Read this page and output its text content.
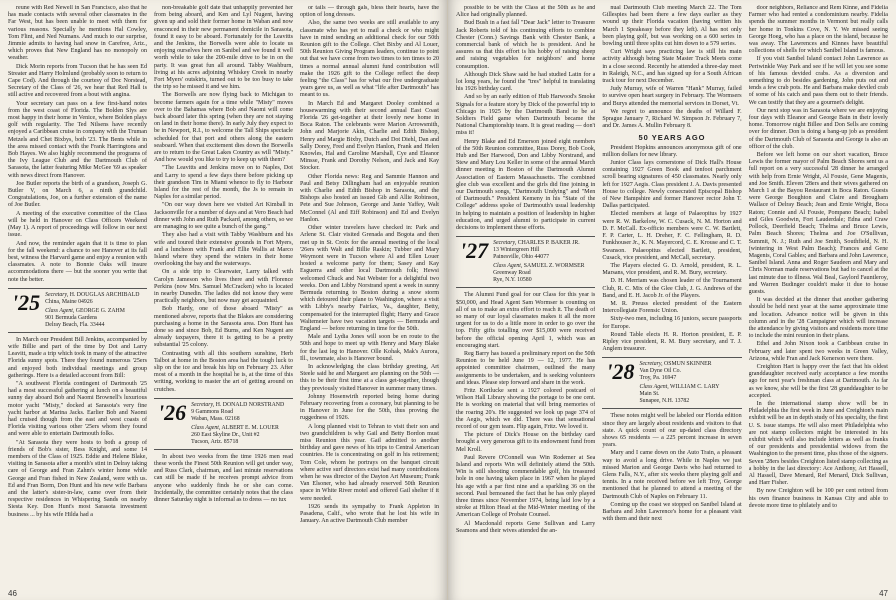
reune with Red Newell in San Francisco, also that he has made contacts with several other classmates in the Far West, but has been unable to meet with them for various reasons. Specially he mentions Hal Cowley, Tom Flint, and Ned Numans. And much to our surprise, Jimmie admits to having had snow in Carefree, Ariz., which proves that New England has no monopoly on weather.

Dick Morin reports from Tucson that he has seen Ed Streater and Harry Holmlund (probably soon to return to Cape Cod). And through the courtesy of Doc Norstead, Secretary of the Class of '26, we hear that Red Hall is still active and recovered from a bout with angina.

Your secretary can pass on a few first-hand notes from the west coast of Florida. The Bolden Slys are most happy in their home in Venice, where Bolden plays golf with regularity. The Ted Nilsens have recently enjoyed a Caribbean cruise in company with the Truman Metzels and Chet Bixbys, both '23. The Bents while in the area missed contact with the Frank Harringtons and Bob Hayes. We also highly recommend the programs of the Ivy League Club and the Dartmouth Club of Sarasota, the latter featuring Mike McGee '69 as speaker with news direct from Hanover.

Joe Butler reports the birth of a grandson, Joseph G. Butler V, on March 6, a ninth grandchild. Congratulations, Joe, on a further extension of the name of Joe Butler.

A meeting of the executive committee of the Class will be held in Hanover on Class Officers Weekend (May 1). A report of proceedings will follow in our next issue.

And now, the reminder again that it is time to plan for the fall weekend: a chance to see Hanover at its fall best, witness the Harvard game and enjoy a reunion with classmates. A note to Bonnie Oaks will insure accommodations there — but the sooner you write that note the better.

'25 Secretary, H. DOUGLAS ARCHIBALD
China, Maine 04926
Class Agent, GEORGE G. ZAHM
901 Bermuda Gardens
Delray Beach, Fla. 33444

In March our President Bill Jenkins, accompanied by wife Billie and part of the time by Dot and Larry Leavitt, made a trip which took in many of the attractive Florida sunny spots. There they found numerous '25ers and enjoyed both individual meetings and group gatherings. Here is a detailed account from Bill:

"A southwest Florida contingent of Dartmouth '25 had a most successful gathering at lunch on a beautiful sunny day aboard Bob and Naomi Brownell's luxurious motor yacht "Misty," docked at Sarasota's very fine yacht harbor at Marina Jacks. Earlier Bob and Naomi had cruised though from the east and west coasts of Florida visiting various other '25ers whom they found and were able to entertain Dartmouth folks.

"At Sarasota they were hosts to both a group of friends of Bob's sister, Bess Knight, and some 14 members of the Class of 1925. Eddie and Helene Blake, visiting in Sarasota after a month's stint in Delray taking care of George and Fran Zahm's winter home while George and Fran fished in New Zealand, were with us. Ed and Fran Borm, Don Hunt and his new wife Barbara and the latter's sister-in-law, came over from their respective residences in Whispering Sands on nearby Siesta Key. Don Hunt's most Sarasota investment business ... by his wife Hilda had a

non-breakable golf date that unhappily prevented her from being aboard, and Ken and Lyl Nugent, having given up and sold their former home in Waban and now ensconced in their new permanent domicile in Sarasota, found it easy to be aboard. Fortunately for the Leavitts and the Jenkins, the Borwells were able to locate us enjoying ourselves here on Sanibel and we found it well worth while to take the 200-mile drive to be in on the party. It was great fun all around. Tabby Washburn, living at his acres adjoining Whiskey Creek in nearby Fort Myers' outskirts, turned out to be too busy to take the trip so he missed it and we him.

The Borwells are now flying back to Michigan to become farmers again for a time while "Misty" moves over to the Bahamas where Bob and Naomi will come back aboard later this spring (when they are not staying on land in their home there). In early July they expect to be in Newport, R.I., to welcome the Tall Ships spectacle scheduled for that port and others along the eastern seaboard. When that excitement dies down the Borwells are to return to the Great Lakes Country as will "Misty." And how would you like to try to keep up with them?

"The Leavitts and Jenkins move on to Naples, Dot and Larry to spend a few days there before picking up their grandson Tim in Miami whence to fly to Harbour Island for the rest of the month, the Js to remain in Naples for a similar period.

"On our way down here we visited Art Kimball in Jacksonville for a number of days and at Vero Beach had dinner with John and Ruth Packard, among others, so we are managing to see quite a bunch of the gang."

They also had a visit with Tabby Washburn and his wife and toured their extensive grounds in Fort Myers, and a luncheon with Frank and Ellie Wallis at Marco Island where they spend the winters in their home overlooking the bay and the waterways.

On a side trip to Clearwater, Larry talked with Carolyn Jameson who lives there and with Florence Perkins (now Mrs. Samuel McCracken) who is located in nearby Dunedin. The ladies did not know they were practically neighbors, but now may get acquainted.

Bob Hardy, one of those aboard "Misty" as mentioned above, reports that the Blakes are considering purchasing a home in the Sarasota area. Don Hunt has done so and since Bob, Ed Burns, and Ken Nugent are already taxpayers, there it is getting to be a pretty substantial '25 colony.

Contrasting with all this southern sunshine, Herb Talbot at home in the Boston area had the tough luck to slip on the ice and break his hip on February 23. After most of a month in the hospital he is, at the time of this writing, working to master the art of getting around on crutches.

'26 Secretary, H. DONALD NORSTRAND
9 Gammons Road
Waban, Mass. 02168
Class Agent, ALBERT E. M. LOUER
260 East Skyline Dr., Unit #2
Tucson, Ariz. 85718

In about two weeks from the time 1926 men read these words the Finest 50th Reunion will get under way, and Russ Clark, chairman, and last minute reservations can still be made if he receives prompt advice from anyone who suddenly finds he or she can come. Incidentally, the committee certainly notes that the class dinner Saturday night is informal as to dress — no tux

or tails — through gals, bless their hearts, have the option of long dresses.

Also, the same two weeks are still available to any classmate who has yet to mail a check or who might have in mind sending an additional check for our 50th Reunion gift to the College. Chet Bixby and Al Louer, 50th Reunion Giving Program leaders, continue to point out that we have come from two times to ten times to 20 times a normal annual alumni fund contribution will make the 1926 gift to the College reflect the deep feeling "the Class" has for what our five undergraduate years gave us, as well as what "life after Dartmouth" has meant to us.

In March Ed and Margaret Dooley combined a housewarming with their second annual East Coast Florida '26 get-together at their lovely new home in Boca Raton. The celebrants were Marion Arrowsmith, John and Marjorie Akin, Charlie and Edith Bishop, Henry and Margie Bixby, Dutch and Dot Diehl, Dan and Sally Dorey, Fred and Evelyn Hanlon, Frank and Helen Knowles, Hal and Caroline Marshall, Cye and Eleanor Minsse, Frank and Dorothy Nelson, and Jack and Kay Stocker.

Other Florida news: Reg and Sammie Hannon and Paul and Betsy Dillingham had an enjoyable reunion with Charlie and Edith Bishop in Sarasota, and the Bishops also hosted an issued Gib and Allie Robinson, Pete and Sue Johnson, George and Janie Yaffey, Walt McConnel (Al and Eiff Robinson) and Ed and Evelyn Hanlon.

Other winter travelers have checked in: Park and Arlene St. Clair visited Grenada and Bogota and then met up in St. Croix for the annual meeting of the local '26ers with Walt and Billie Raskin; Tubber and Mary Weymont were in Tucson where Al and Ellen Louer hosted a welcome party for them; Sasey and Kay Esguerra and other local Dartmouth folk; Hewsi welcomed Chuck and Nat Webster for a delightful two weeks. Don and Libby Norstrand spent a week in sunny Bermuda returning to Boston during a snow storm which detoured their plane to Washington, where a visit with Libby's nearby Fairfax, Va., daughter, Betty, compensated for the interrupted flight; Harry and Grace Waltemeier have two vacation targets — Bermuda and England — before returning in time for the 50th.

Male and Lydia Jones will soon be en route to the 50th and hope to meet up with Henry and Mary Blake for the last leg to Hanover. Olle Kohak, Mak's Aurora, Ill., townmate, also is Hanover bound.

In acknowledging the class birthday greeting, Art Steele said he and Margaret are planning on the 50th — this to be their first time at a class get-together, though they previously visited Hanover in summer many times.

Johnny Hosenwirth reported being home during February recovering from a coronary, but planning to be in Hanover in June for the 50th, thus proving the ruggedness of 1926.

A long planned visit to Tehran to visit their son and two grandchildren is why Gail and Betty Bordon must miss Reunion this year. Gail admitted to another birthday and gave news of his trips to Central American countries. He is concentrating on golf in his retirement; Tom Cole, whom he portrays on the banquet circuit where active surf directors exist had many contributions when he was director of the Dayton Art Museum; Frank Van Elsoner, who had already reserved 50th Reunion space in White River motel and offered Gail shelter if it were needed.

1926 sends its sympathy to Frank Appleton in Pasadena, Calif., who wrote that he lost his wife in January. An active Dartmouth Club member

46

possible to be with the Class at the 50th as he and Alice had originally planned.

Bud Bush in a fast fall "Dear Jack" letter to Treasurer Jack Roberts told of his continuing efforts to combine Chester (Conn.) Savings Bank with Chester Bank, a commercial bank of which he is president. And he assures us that this effort is his hobby of raising sheep and raising vegetables for neighbors' and home consumption.

Although Dick Shaw said he had studied Latin for a lot long years, he found the "tres" helpful in translating his 1926 birthday card.

And so by an early edition of Hub Harwood's Smoke Signals for a feature story by Dick of the powerful trip to Chicago in 1925 by the Dartmouth Band to be at Soldiers Field game when Dartmouth became the National Championship team. It is great reading — don't miss it!

Henry Blake and Ed Emerson joined eight members of the 50th Reunion committee, Russ Dorey, Bob Cook, Hub and Ber Harwood, Don and Libby Norstrand, and Stew and Mary Lou Keller in some of the annual March dinner meeting in Boston of the Dartmouth Alumni Association of Eastern Massachusetts. The combined glee club was excellent and the girls did fine joining in our Dartmouth songs, "Dartmouth Undying" and "Men of Dartmouth." President Kemeny in his "State of the College" address spoke of Dartmouth's usual leadership in helping to maintain a position of leadership in higher education, and urged alumni to participate in current decisions to implement these efforts.

'27 Secretary, CHARLES P. BAKER JR.
13 Wintergreen Hill
Painesville, Ohio 44077
Class Agent, SAMUEL Z. WORMSER
Greenway Road
Rye, N.Y. 10580

The Alumni Fund goal for our Class for this year is $50,000, and Head Agent Sam Wormser is counting on all of us to make an extra effort to reach it. The death of so many of our loyal classmates makes it all the more urgent for us to do a little more in order to go over the top. Fifty gifts totalling over $15,000 were received before the official opening April 1, which was an encouraging start.

Reg Barry has issued a preliminary report on the 50th Reunion to be held June 19 — 12, 1977. He has appointed committee chairmen, outlined the many assignments to be undertaken, and is seeking volunteers and ideas. Please step forward and share in the work.

Fritz Kortlucke sent a 1927 colored postcard of Wilson Hall Library showing the portage to be one cent. He is working on material that will bring memories of the roaring 20's. He suggested we look up page 374 of the Aegis, which we did. There was that sensational record of our gym team. Flip again, Fritz. We loved it.

The picture of Dick's House on the birthday card brought a very generous gift to its endowment fund from Mel Kroll.

Paul Revere O'Connell was Win Rodemer at Sea Island and reports Win will definitely attend the 50th. Win is still shooting commendable golf, his treasured hole in one having taken place in 1967 when he played his age with a par first nine and a sparkling 36 on the second. Paul bemoaned the fact that he has only played three times since November 1974, being laid low by a stroke at Hilton Head at the Mid-Winter meeting of the American College of Probate Counsel.

Al Macdonald reports Gene Sullivan and Larry Seamons and their wives attended the an-

nual Dartmouth Club meeting March 22. The Tom Gillespies had been there a few days earlier as they wound up their Florida vacation (having written his March 1 Speakeasy before they left). Al has not only been playing golf, but was working on a 600 series in bowling until three splits cut him down to a 579 series.

Curt Wright says practicing law is still his main activity although being State Master Track Meets come in a close second. Recently he attended a three-day meet in Raleigh, N.C., and has signed up for a South African track tour for next December.

Judy Murray, wife of Warren "Hank" Murray, failed to survive open heart surgery in February. The Wormsers and Burys attended the memorial services in Dorset, Vt.

We regret to announce the deaths of Willard F. Sprague January 7, Richard W. Simpson Jr. February 7, and Dr. James A. Mullin February 8.

50 YEARS AGO

President Hopkins announces anonymous gift of one million dollars for new library.

Junior Class lays cornerstone of Dick Hall's House containing 1927 Green Book and tenfoot parchment scroll bearing signatures of 450 classmates. Nearly only left for 1927 Aegis. Class president J. A. Davis presented House to college. Newly consecrated Episcopal Bishop of New Hampshire and former Hanover rector John T. Dallas participated.

Elected members at large of Palaeopitus by 1927 were R. W. Barkelow, W. C. Cusack, N. M. Horton and D. F. McCall. Ex-officio members were C. W. Bartlett, F. P. Carter, L. H. Dreher, F. C. Fellingham, R. D. Funkhouser Jr., K. N. Mayercord, C. E. Krouse and C. T. Swanson. Palaeopitus elected Bartlett, president, Cusack, vice president, and McCall, secretary.

The Players elected G. D. Arnold, president, R. L. Marsans, vice president, and R. M. Bury, secretary.

D. H. Merriam was chosen leader of the Tournament Club, R. C. Mix of the Glee Club, J. G. Andrews of the Band, and E. H. Jacob Jr. of the Players.

M. R. Preuss elected president of the Eastern Intercollegiate Forensic Union.

Sixty-two men, including 16 juniors, secure passports for Europe.

Round Table elects H. R. Horton president, E. P. Ripley vice president, R. M. Bury secretary, and T. J. Anglem treasurer.

'28 Secretary, OSMUN SKINNER
Van Dyne Oil Co.
Troy, Pa. 16947
Class Agent, WILLIAM C. LARY
Main St.
Sunapee, N.H. 13782

These notes might well be labeled our Florida edition since they are largely about residents and visitors to that state. A quick count of our up-dated class directory shows 65 residents — a 225 percent increase in seven years.

Mary and I came down on the Auto Train, a pleasant way to avoid a long drive. While in Naples we just missed Marion and George Davis who had returned to Glens Falls, N.Y., after six weeks there playing golf and tennis. In a note received before we left Troy, George mentioned that he planned to attend a meeting of the Dartmouth Club of Naples on February 11.

Coming up the coast we stopped on Sanibel Island at Barbara and John Lawrence's home for a pleasant visit with them and their next

door neighbors, Reliance and Rem Kinne, and Fidelia Farmer who had rented a condominium nearby. Fidelia spends the summer months in Vermont but really calls her home in Tonkins Cove, N. Y. We missed seeing George Hoeg, who has a place on the island, because he was away. The Lawrences and Kinnes have beautiful collections of shells for which Sanibel Island is famous.

If you visit Sanibel Island contact John Lawrence as Periwinkle Way Park and see if he will let you see some of his famous devided crabs. As a diversion and something to do besides gardening, John puts out and tends a few crab pots. He and Barbara make deviled crab of some of his catch and pass them out to their friends. We can testify that they are a gourmet's delight.

Our next stop was in Sarasota where we are enjoying four days with Eleanor and George Bain in their lovely home. Tomorrow night Billee and Don Sells are coming over for dinner. Don is doing a bang-up job as president of the Dartmouth Club of Sarasota and George is also an officer of the club.

Before we left home on our short vacation, Bruce Lewis the former mayor of Palm Beach Shores sent us a full report on a very successful '28 dinner he arranged with help from Ernie Wright, Al Fousie, Gene Magenis, and Joe Smith. Eleven '28ers and their wives gathered on March 1 at the Bayou Restaurant in Boca Raton. Guests were George Boughton and Claire and Brougham Wallace of Delray Beach; Jean and Ernie Wright, Boca Raton; Connie and Al Fousie, Pompano Beach; Isabel and Giles Goodwin, Fort Lauderdale; Edna and Craw Pollock, Deerfield Beach; Thelma and Bruce Lewis, Palm Beach Shores; Thelma and Joe O'Sullivan, Summit, N. J.; Ruth and Joe Smith, Southfield, N. H. (wintering in West Palm Beach); Frances and Gene Magenis, Coral Gables; and Barbara and John Lawrence, Sanibel Island. Anna and Roger Saudeen and Mary and Chris Norman made reservations but had to cancel at the last minute due to illness. Wal Beal, Gaylord Fauntleroy, and Warren Budinger couldn't make it due to house guests.

It was decided at the dinner that another gathering should be held next year at the same approximate time and location. Advance notice will be given in this column and in the '28 Campaigner which will increase the attendance by giving visitors and residents more time to include the mini reunion in their plans.

Ethel and John Nixon took a Caribbean cruise in February and later spent two weeks in Green Valley, Arizona, while Fran and Jack Kenerson were there.

Creighton Hart is happy over the fact that his oldest granddaughter received early acceptance a few months ago for next year's freshman class at Dartmouth. As far as we know, she will be the first '28 granddaughter to be accepted.

In the international stamp show will be in Philadelphia the first week in June and Creighton's main exhibit will be an in depth study of his specialty, the first U. S. issue stamps. He will also meet Philadelphia who are not stamp collectors might be interested in his exhibit which will also include letters as well as franks of our presidents and presidential widows from the Washington to the present time, plus those of the signers. Seven '28ers besides Creighton listed stamp collecting as a hobby in the last directory: Ace Anthony, Art Hassell, Al Hassell, Dave Menard, Ref Menard, Dick Sullivan, and Harr Fisher.

By now Creighton will be 100 per cent retired from his own finance business in Kansas City and able to devote more time to philately and to

47
